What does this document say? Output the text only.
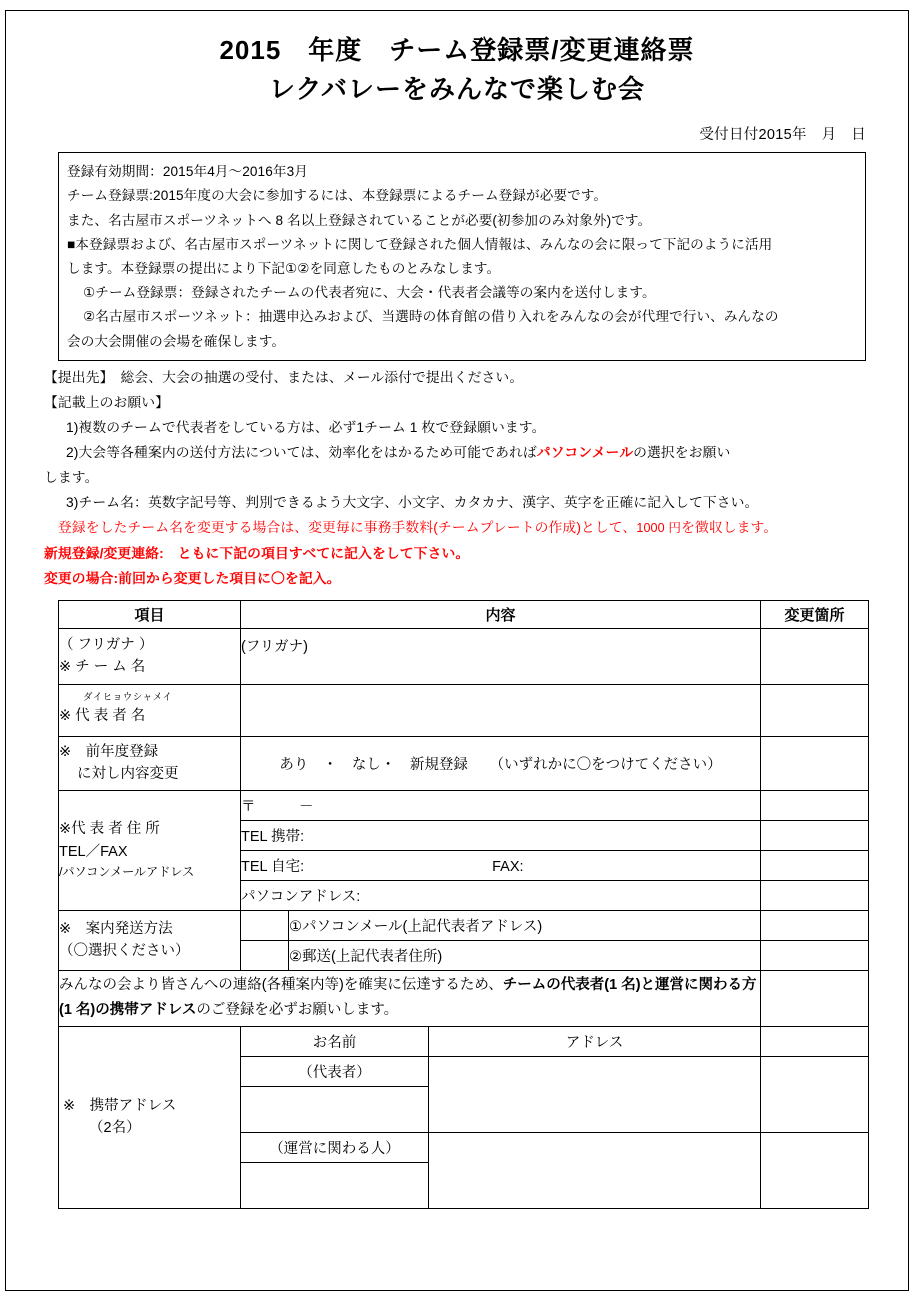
2015　年度　チーム登録票/変更連絡票
レクバレーをみんなで楽しむ会
受付日付2015年　月　日

登録有効期間：2015年4月～2016年3月

チーム登録票:2015年度の大会に参加するには、本登録票によるチーム登録が必要です。

また、名古屋市スポーツネットへ 8 名以上登録されていることが必要(初参加のみ対象外)です。

■本登録票および、名古屋市スポーツネットに関して登録された個人情報は、みんなの会に限って下記のように活用

します。本登録票の提出により下記①②を同意したものとみなします。

①チーム登録票：登録されたチームの代表者宛に、大会・代表者会議等の案内を送付します。

②名古屋市スポーツネット：抽選申込みおよび、当選時の体育館の借り入れをみんなの会が代理で行い、みんなの

会の大会開催の会場を確保します。

【提出先】　総会、大会の抽選の受付、または、メール添付で提出ください。

【記載上のお願い】

1)複数のチームで代表者をしている方は、必ず1チーム 1 枚で登録願います。

2)大会等各種案内の送付方法については、効率化をはかるため可能であればパソコンメールの選択をお願い

します。

3)チーム名：英数字記号等、判別できるよう大文字、小文字、カタカナ、漢字、英字を正確に記入して下さい。

登録をしたチーム名を変更する場合は、変更毎に事務手数料(チームプレートの作成)として、1000 円を徴収します。

新規登録/変更連絡:　ともに下記の項目すべてに記入をして下さい。

変更の場合:前回から変更した項目に〇を記入。

項目	内容			変更箇所

（ フリガナ ）
※ チ ー ム 名	(フリガナ)			

ダイヒョウシャメイ
※ 代 表 者 名				

※　前年度登録
に対し内容変更	あり　・　なし・　新規登録　　（いずれかに〇をつけてください）			

※代 表 者 住 所
TEL／FAX
/パソコンメールアドレス	〒　　　－			
	TEL 携帯:			
	TEL 自宅: FAX:			
	パソコンアドレス:			

※　案内発送方法
（〇選択ください）		①パソコンメール(上記代表者アドレス)		
		②郵送(上記代表者住所)		
みんなの会より皆さんへの連絡(各種案内等)を確実に伝達するため、チームの代表者(1 名)と運営に関わる方(1 名)の携帯アドレスのご登録を必ずお願いします。				

※　携帯アドレス
（2名）	お名前		アドレス	
	（代表者）			

	（運営に関わる人）			
